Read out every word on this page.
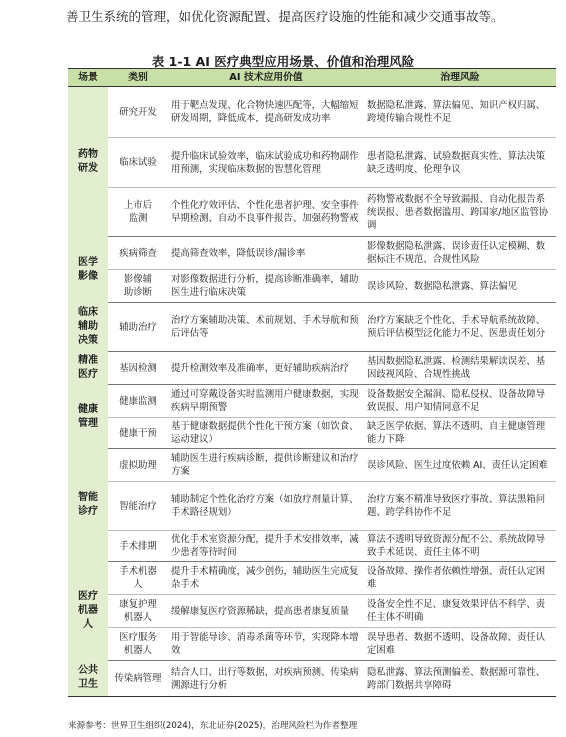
善卫生系统的管理，如优化资源配置、提高医疗设施的性能和减少交通事故等。
表 1-1 AI 医疗典型应用场景、价值和治理风险
场景	类别	AI 技术应用价值	治理风险
药物
研发	研究开发	用于靶点发现、化合物快速匹配等，大幅缩短研发周期，降低成本，提高研发成功率	数据隐私泄露、算法偏见、知识产权归属、跨境传输合规性不足
	临床试验	提升临床试验效率，临床试验成功和药物副作用预测，实现临床数据的智慧化管理	患者隐私泄露、试验数据真实性、算法决策缺乏透明度、伦理争议

	上市后监测	个性化疗效评估、个性化患者护理、安全事件早期检测、自动不良事件报告、加强药物警戒	药物警戒数据不全导致漏报、自动化报告系统误报、患者数据滥用、跨国家/地区监管协调
医学
影像	疾病筛查	提高筛查效率，降低误诊/漏诊率	影像数据隐私泄露、误诊责任认定模糊、数据标注不规范、合规性风险

	影像辅助诊断	对影像数据进行分析，提高诊断准确率，辅助医生进行临床决策	误诊风险、数据隐私泄露、算法偏见
临床
辅助
决策	辅助治疗	治疗方案辅助决策、术前规划、手术导航和预后评估等	治疗方案缺乏个性化、手术导航系统故障、预后评估模型泛化能力不足、医患责任划分
精准
医疗	基因检测	提升检测效率及准确率，更好辅助疾病治疗	基因数据隐私泄露、检测结果解读误差、基因歧视风险、合规性挑战
健康
管理	健康监测	通过可穿戴设备实时监测用户健康数据，实现疾病早期预警	设备数据安全漏洞、隐私侵权、设备故障导致误报、用户知情同意不足
	健康干预	基于健康数据提供个性化干预方案（如饮食、运动建议）	缺乏医学依据、算法不透明、自主健康管理能力下降
智能
诊疗	虚拟助理	辅助医生进行疾病诊断，提供诊断建议和治疗方案	误诊风险、医生过度依赖 AI、责任认定困难
	智能治疗	辅助制定个性化治疗方案（如放疗剂量计算、手术路径规划）	治疗方案不精准导致医疗事故、算法黑箱问题、跨学科协作不足
	手术排期	优化手术室资源分配，提升手术安排效率，减少患者等待时间	算法不透明导致资源分配不公、系统故障导致手术延误、责任主体不明
医疗
机器
人	手术机器人	提升手术精确度，减少创伤，辅助医生完成复杂手术	设备故障、操作者依赖性增强、责任认定困难

	康复护理机器人	缓解康复医疗资源稀缺，提高患者康复质量	设备安全性不足、康复效果评估不科学、责任主体不明确

	医疗服务机器人	用于智能导诊、消毒杀菌等环节，实现降本增效	误导患者、数据不透明、设备故障、责任认定困难
公共
卫生	传染病管理	结合人口、出行等数据，对疾病预测、传染病溯源进行分析	隐私泄露、算法预测偏差、数据源可靠性、跨部门数据共享障碍
来源参考：世界卫生组织(2024)，东北证券(2025)，治理风险栏为作者整理
